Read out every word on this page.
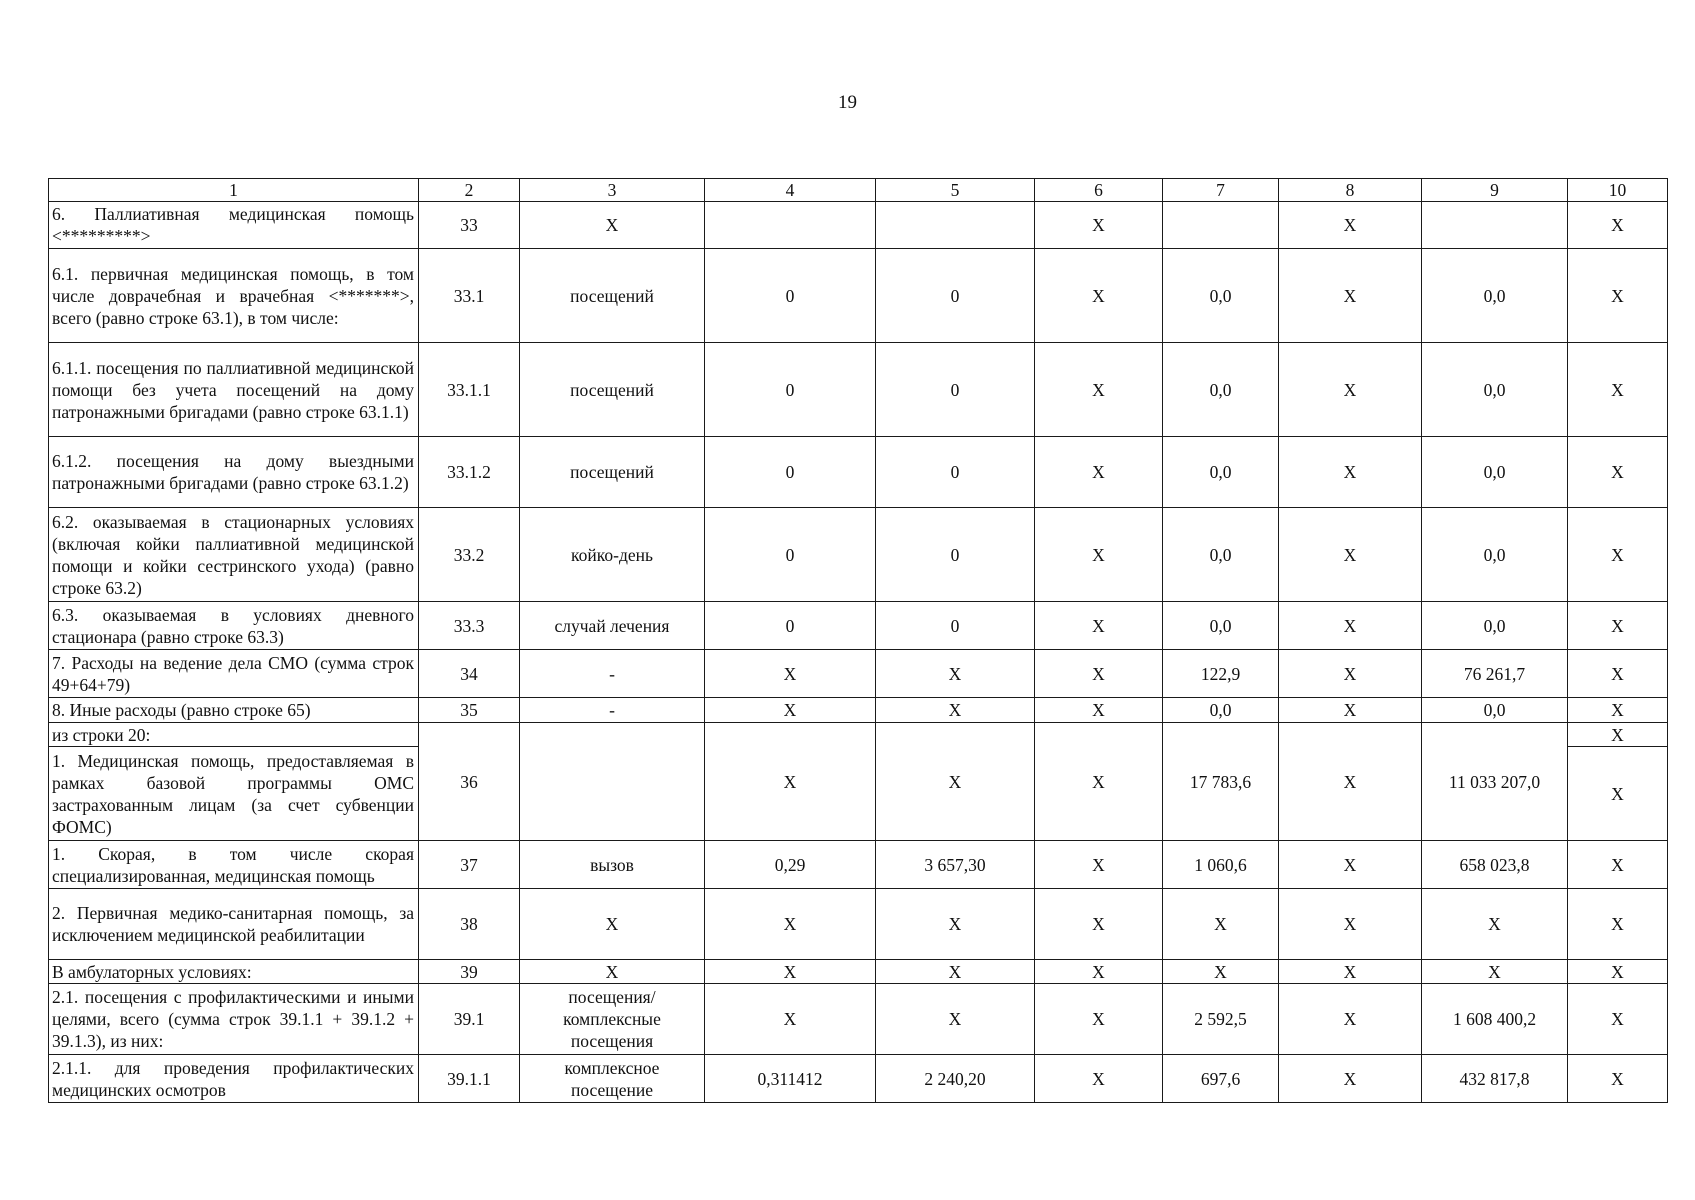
19
1	2	3	4	5	6	7	8	9	10
6. Паллиативная медицинская помощь <*********>	33	X			X		X		X
6.1. первичная медицинская помощь, в том числе доврачебная и врачебная <*******>, всего (равно строке 63.1), в том числе:	33.1	посещений	0	0	X	0,0	X	0,0	X
6.1.1. посещения по паллиативной медицинской помощи без учета посещений на дому патронажными бригадами (равно строке 63.1.1)	33.1.1	посещений	0	0	X	0,0	X	0,0	X
6.1.2. посещения на дому выездными патронажными бригадами (равно строке 63.1.2)	33.1.2	посещений	0	0	X	0,0	X	0,0	X
6.2. оказываемая в стационарных условиях (включая койки паллиативной медицинской помощи и койки сестринского ухода) (равно строке 63.2)	33.2	койко-день	0	0	X	0,0	X	0,0	X
6.3. оказываемая в условиях дневного стационара (равно строке 63.3)	33.3	случай лечения	0	0	X	0,0	X	0,0	X
7. Расходы на ведение дела СМО (сумма строк 49+64+79)	34	-	X	X	X	122,9	X	76 261,7	X
8. Иные расходы (равно строке 65)	35	-	X	X	X	0,0	X	0,0	X
из строки 20:	36		X	X	X	17 783,6	X	11 033 207,0	X
1. Медицинская помощь, предоставляемая в рамках базовой программы ОМС застрахованным лицам (за счет субвенции ФОМС)									X
1. Скорая, в том числе скорая специализированная, медицинская помощь	37	вызов	0,29	3 657,30	X	1 060,6	X	658 023,8	X
2. Первичная медико-санитарная помощь, за исключением медицинской реабилитации	38	X	X	X	X	X	X	X	X
В амбулаторных условиях:	39	X	X	X	X	X	X	X	X
2.1. посещения с профилактическими и иными целями, всего (сумма строк 39.1.1 + 39.1.2 + 39.1.3), из них:	39.1	посещения/комплексные посещения	X	X	X	2 592,5	X	1 608 400,2	X
2.1.1. для проведения профилактических медицинских осмотров	39.1.1	комплексное посещение	0,311412	2 240,20	X	697,6	X	432 817,8	X
